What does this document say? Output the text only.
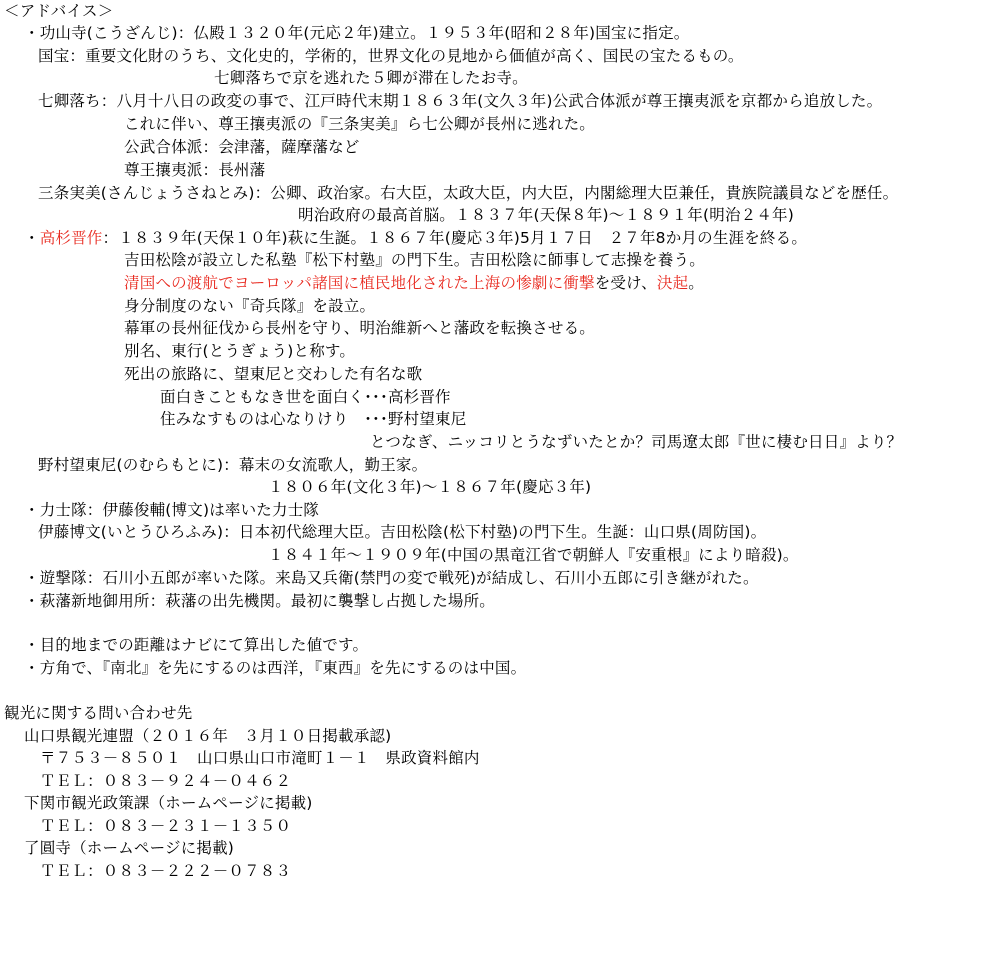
＜アドバイス＞
・功山寺(こうざんじ)：仏殿１３２０年(元応２年)建立。１９５３年(昭和２８年)国宝に指定。
国宝：重要文化財のうち、文化史的，学術的，世界文化の見地から価値が高く、国民の宝たるもの。
七卿落ちで京を逃れた５卿が滞在したお寺。
七卿落ち：八月十八日の政変の事で、江戸時代末期１８６３年(文久３年)公武合体派が尊王攘夷派を京都から追放した。
これに伴い、尊王攘夷派の『三条実美』ら七公卿が長州に逃れた。
公武合体派：会津藩，薩摩藩など
尊王攘夷派：長州藩
三条実美(さんじょうさねとみ)：公卿、政治家。右大臣，太政大臣，内大臣，内閣総理大臣兼任，貴族院議員などを歴任。
明治政府の最高首脳。１８３７年(天保８年)～１８９１年(明治２４年)
・高杉晋作：１８３９年(天保１０年)萩に生誕。１８６７年(慶応３年)5月１７日　２７年8か月の生涯を終る。
吉田松陰が設立した私塾『松下村塾』の門下生。吉田松陰に師事して志操を養う。
清国への渡航でヨーロッパ諸国に植民地化された上海の惨劇に衝撃を受け、決起。
身分制度のない『奇兵隊』を設立。
幕軍の長州征伐から長州を守り、明治維新へと藩政を転換させる。
別名、東行(とうぎょう)と称す。
死出の旅路に、望東尼と交わした有名な歌
面白きこともなき世を面白く･･･高杉晋作
住みなすものは心なりけり　･･･野村望東尼
とつなぎ、ニッコリとうなずいたとか？司馬遼太郎『世に棲む日日』より？
野村望東尼(のむらもとに)：幕末の女流歌人，勤王家。
１８０６年(文化３年)～１８６７年(慶応３年)
・力士隊：伊藤俊輔(博文)は率いた力士隊
伊藤博文(いとうひろふみ)：日本初代総理大臣。吉田松陰(松下村塾)の門下生。生誕：山口県(周防国)。
１８４１年～１９０９年(中国の黒竜江省で朝鮮人『安重根』により暗殺)。
・遊撃隊：石川小五郎が率いた隊。来島又兵衛(禁門の変で戦死)が結成し、石川小五郎に引き継がれた。
・萩藩新地御用所：萩藩の出先機関。最初に襲撃し占拠した場所。
・目的地までの距離はナビにて算出した値です。
・方角で、『南北』を先にするのは西洋，『東西』を先にするのは中国。
観光に関する問い合わせ先
山口県観光連盟（２０１６年　３月１０日掲載承認)
〒７５３－８５０１　山口県山口市滝町１－１　県政資料館内
ＴＥＬ：０８３－９２４－０４６２
下関市観光政策課（ホームページに掲載)
ＴＥＬ：０８３－２３１－１３５０
了圓寺（ホームページに掲載)
ＴＥＬ：０８３－２２２－０７８３
